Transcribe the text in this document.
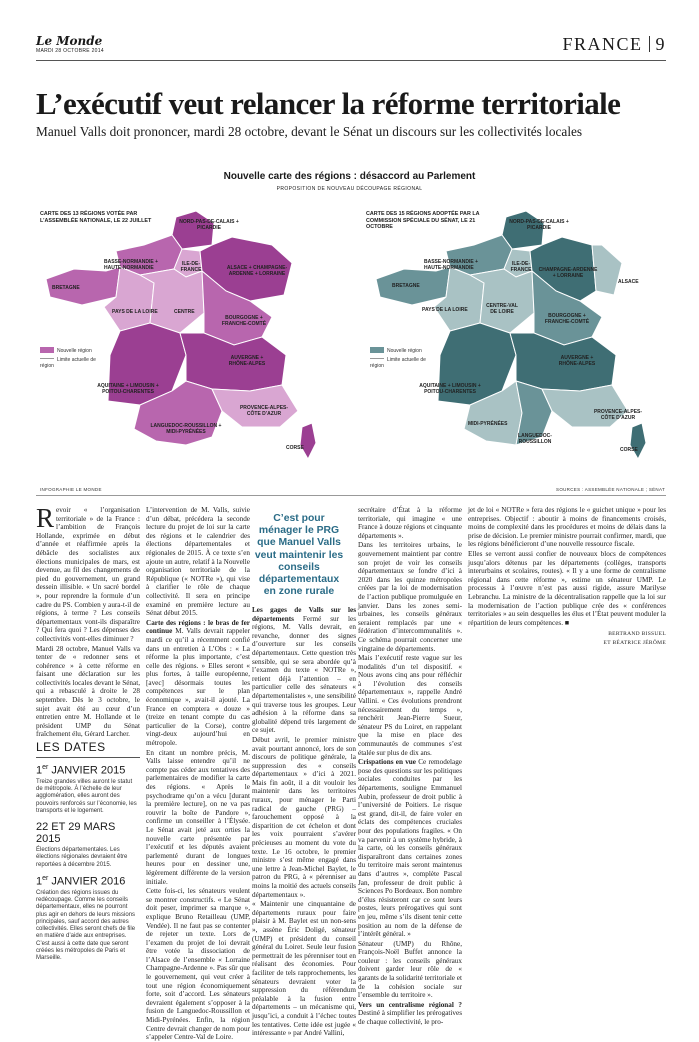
Le Monde
MARDI 28 OCTOBRE 2014	FRANCE 9
L’exécutif veut relancer la réforme territoriale
Manuel Valls doit prononcer, mardi 28 octobre, devant le Sénat un discours sur les collectivités locales
Nouvelle carte des régions : désaccord au Parlement
PROPOSITION DE NOUVEAU DÉCOUPAGE RÉGIONAL
CARTE DES 13 RÉGIONS VOTÉE PAR L’ASSEMBLÉE NATIONALE, LE 22 JUILLET	NORD-PAS-DE-CALAIS + PICARDIE
BASSE-NORMANDIE + HAUTE-NORMANDIE
ILE-DE-FRANCE	ALSACE + CHAMPAGNE-ARDENNE + LORRAINE
BRETAGNE
PAYS DE LA LOIRE	CENTRE
BOURGOGNE + FRANCHE-COMTÉ
AUVERGNE + RHÔNE-ALPES
AQUITAINE + LIMOUSIN + POITOU-CHARENTES
LANGUEDOC-ROUSSILLON + MIDI-PYRÉNÉES
PROVENCE-ALPES-CÔTE D’AZUR
CORSE
Nouvelle région
Limite actuelle de région
CARTE DES 15 RÉGIONS ADOPTÉE PAR LA COMMISSION SPÉCIALE DU SÉNAT, LE 21 OCTOBRE
NORD-PAS-DE-CALAIS + PICARDIE
BASSE-NORMANDIE + HAUTE-NORMANDIE
ILE-DE-FRANCE	CHAMPAGNE-ARDENNE + LORRAINE
ALSACE
BRETAGNE
PAYS DE LA LOIRE
CENTRE-VAL DE LOIRE
BOURGOGNE + FRANCHE-COMTÉ
AUVERGNE + RHÔNE-ALPES
AQUITAINE + LIMOUSIN + POITOU-CHARENTES
MIDI-PYRÉNÉES
LANGUEDOC-ROUSSILLON
PROVENCE-ALPES-CÔTE D’AZUR
CORSE
Nouvelle région
Limite actuelle de région
INFOGRAPHIE LE MONDE	SOURCES : ASSEMBLÉE NATIONALE ; SÉNAT

Revoir « l’organisation territoriale » de la France : l’ambition de François Hollande, exprimée en début d’année et réaffirmée après la débâcle des socialistes aux élections municipales de mars, est devenue, au fil des changements de pied du gouvernement, un grand dessein illisible. « Un sacré bordel », pour reprendre la formule d’un cadre du PS. Combien y aura-t-il de régions, à terme ? Les conseils départementaux vont-ils disparaître ? Qui fera quoi ? Les dépenses des collectivités vont-elles diminuer ?

Mardi 28 octobre, Manuel Valls va tenter de « redonner sens et cohérence » à cette réforme en faisant une déclaration sur les collectivités locales devant le Sénat, qui a rebasculé à droite le 28 septembre. Dès le 3 octobre, le sujet avait été au cœur d’un entretien entre M. Hollande et le président UMP du Sénat fraîchement élu, Gérard Larcher.

LES DATES
1er JANVIER 2015
Treize grandes villes auront le statut de métropole. À l’échelle de leur agglomération, elles auront des pouvoirs renforcés sur l’économie, les transports et le logement.
22 ET 29 MARS 2015
Élections départementales. Les élections régionales devraient être reportées à décembre 2015.
1er JANVIER 2016
Création des régions issues du redécoupage. Comme les conseils départementaux, elles ne pourront plus agir en dehors de leurs missions principales, sauf accord des autres collectivités. Elles seront chefs de file en matière d’aide aux entreprises. C’est aussi à cette date que seront créées les métropoles de Paris et Marseille.

L’intervention de M. Valls, suivie d’un débat, précédera la seconde lecture du projet de loi sur la carte des régions et le calendrier des élections départementales et régionales de 2015. À ce texte s’en ajoute un autre, relatif à la Nouvelle organisation territoriale de la République (« NOTRe »), qui vise à clarifier le rôle de chaque collectivité. Il sera en principe examiné en première lecture au Sénat début 2015.

Carte des régions : le bras de fer continue M. Valls devrait rappeler mardi ce qu’il a récemment confié dans un entretien à L’Obs : « La réforme la plus importante, c’est celle des régions. » Elles seront « plus fortes, à taille européenne, [avec] désormais toutes les compétences sur le plan économique », avait-il ajouté. La France en comptera « douze » (treize en tenant compte du cas particulier de la Corse), contre vingt-deux aujourd’hui en métropole.

En citant un nombre précis, M. Valls laisse entendre qu’il ne compte pas céder aux tentatives des parlementaires de modifier la carte des régions. « Après le psychodrame qu’on a vécu [durant la première lecture], on ne va pas rouvrir la boîte de Pandore », confirme un conseiller à l’Élysée. Le Sénat avait jeté aux orties la nouvelle carte présentée par l’exécutif et les députés avaient parlementé durant de longues heures pour en dessiner une, légèrement différente de la version initiale.

Cette fois-ci, les sénateurs veulent se montrer constructifs. « Le Sénat doit peser, imprimer sa marque », explique Bruno Retailleau (UMP, Vendée). Il ne faut pas se contenter de rejeter un texte. Lors de l’examen du projet de loi devrait être votée la dissociation de l’Alsace de l’ensemble « Lorraine Champagne-Ardenne ». Pas sûr que le gouvernement, qui veut créer à tout une région économiquement forte, soit d’accord. Les sénateurs devraient également s’opposer à la fusion de Languedoc-Roussillon et Midi-Pyrénées. Enfin, la région Centre devrait changer de nom pour s’appeler Centre-Val de Loire.

C’est pour ménager le PRG que Manuel Valls veut maintenir les conseils départementaux en zone rurale

Les gages de Valls sur les départements Fermé sur les régions, M. Valls devrait, en revanche, donner des signes d’ouverture sur les conseils départementaux. Cette question très sensible, qui se sera abordée qu’à l’examen du texte « NOTRe », retient déjà l’attention – en particulier celle des sénateurs « départementalistes », une sensibilité qui traverse tous les groupes. Leur adhésion à la réforme dans sa globalité dépend très largement de ce sujet.

Début avril, le premier ministre avait pourtant annoncé, lors de son discours de politique générale, la suppression des « conseils départementaux » d’ici à 2021. Mais fin août, il a dit vouloir les maintenir dans les territoires ruraux, pour ménager le Parti radical de gauche (PRG) – farouchement opposé à la disparition de cet échelon et dont les voix pourraient s’avérer précieuses au moment du vote du texte. Le 16 octobre, le premier ministre s’est même engagé dans une lettre à Jean-Michel Baylet, le patron du PRG, à « pérenniser au moins la moitié des actuels conseils départementaux ».

« Maintenir une cinquantaine de départements ruraux pour faire plaisir à M. Baylet est un non-sens », assène Éric Doligé, sénateur (UMP) et président du conseil général du Loiret. Seule leur fusion permettrait de les pérenniser tout en réalisant des économies. Pour faciliter de tels rapprochements, les sénateurs devraient voter la suppression du référendum préalable à la fusion entre départements – un mécanisme qui, jusqu’ici, a conduit à l’échec toutes les tentatives. Cette idée est jugée « intéressante » par André Vallini,

secrétaire d’État à la réforme territoriale, qui imagine « une France à douze régions et cinquante départements ».

Dans les territoires urbains, le gouvernement maintient par contre son projet de voir les conseils départementaux se fondre d’ici à 2020 dans les quinze métropoles créées par la loi de modernisation de l’action publique promulguée en janvier. Dans les zones semi-urbaines, les conseils généraux seraient remplacés par une « fédération d’intercommunalités ». Ce schéma pourrait concerner une vingtaine de départements.

Mais l’exécutif reste vague sur les modalités d’un tel dispositif. « Nous avons cinq ans pour réfléchir à l’évolution des conseils départementaux », rappelle André Vallini. « Ces évolutions prendront nécessairement du temps », renchérit Jean-Pierre Sueur, sénateur PS du Loiret, en rappelant que la mise en place des communautés de communes s’est étalée sur plus de dix ans.

Crispations en vue Ce remodelage pose des questions sur les politiques sociales conduites par les départements, souligne Emmanuel Aubin, professeur de droit public à l’université de Poitiers. Le risque est grand, dit-il, de faire voler en éclats des compétences cruciales pour des populations fragiles. « On va parvenir à un système hybride, à la carte, où les conseils généraux disparaîtront dans certaines zones du territoire mais seront maintenus dans d’autres », complète Pascal Jan, professeur de droit public à Sciences Po Bordeaux. Bon nombre d’élus résisteront car ce sont leurs postes, leurs prérogatives qui sont en jeu, même s’ils disent tenir cette position au nom de la défense de l’intérêt général. »

Sénateur (UMP) du Rhône, François-Noël Buffet annonce la couleur : les conseils généraux doivent garder leur rôle de « garants de la solidarité territoriale et de la cohésion sociale sur l’ensemble du territoire ».

Vers un centralisme régional ? Destiné à simplifier les prérogatives de chaque collectivité, le pro-

jet de loi « NOTRe » fera des régions le « guichet unique » pour les entreprises. Objectif : aboutir à moins de financements croisés, moins de complexité dans les procédures et moins de délais dans la prise de décision. Le premier ministre pourrait confirmer, mardi, que les régions bénéficieront d’une nouvelle ressource fiscale.

Elles se verront aussi confier de nouveaux blocs de compétences jusqu’alors détenus par les départements (collèges, transports interurbains et scolaires, routes). « Il y a une forme de centralisme régional dans cette réforme », estime un sénateur UMP. Le processus à l’œuvre n’est pas aussi rigide, assure Marilyse Lebranchu. La ministre de la décentralisation rappelle que la loi sur la modernisation de l’action publique crée des « conférences territoriales » au sein desquelles les élus et l’État peuvent moduler la répartition de leurs compétences. ■

BERTRAND BISSUEL
ET BÉATRICE JÉRÔME
